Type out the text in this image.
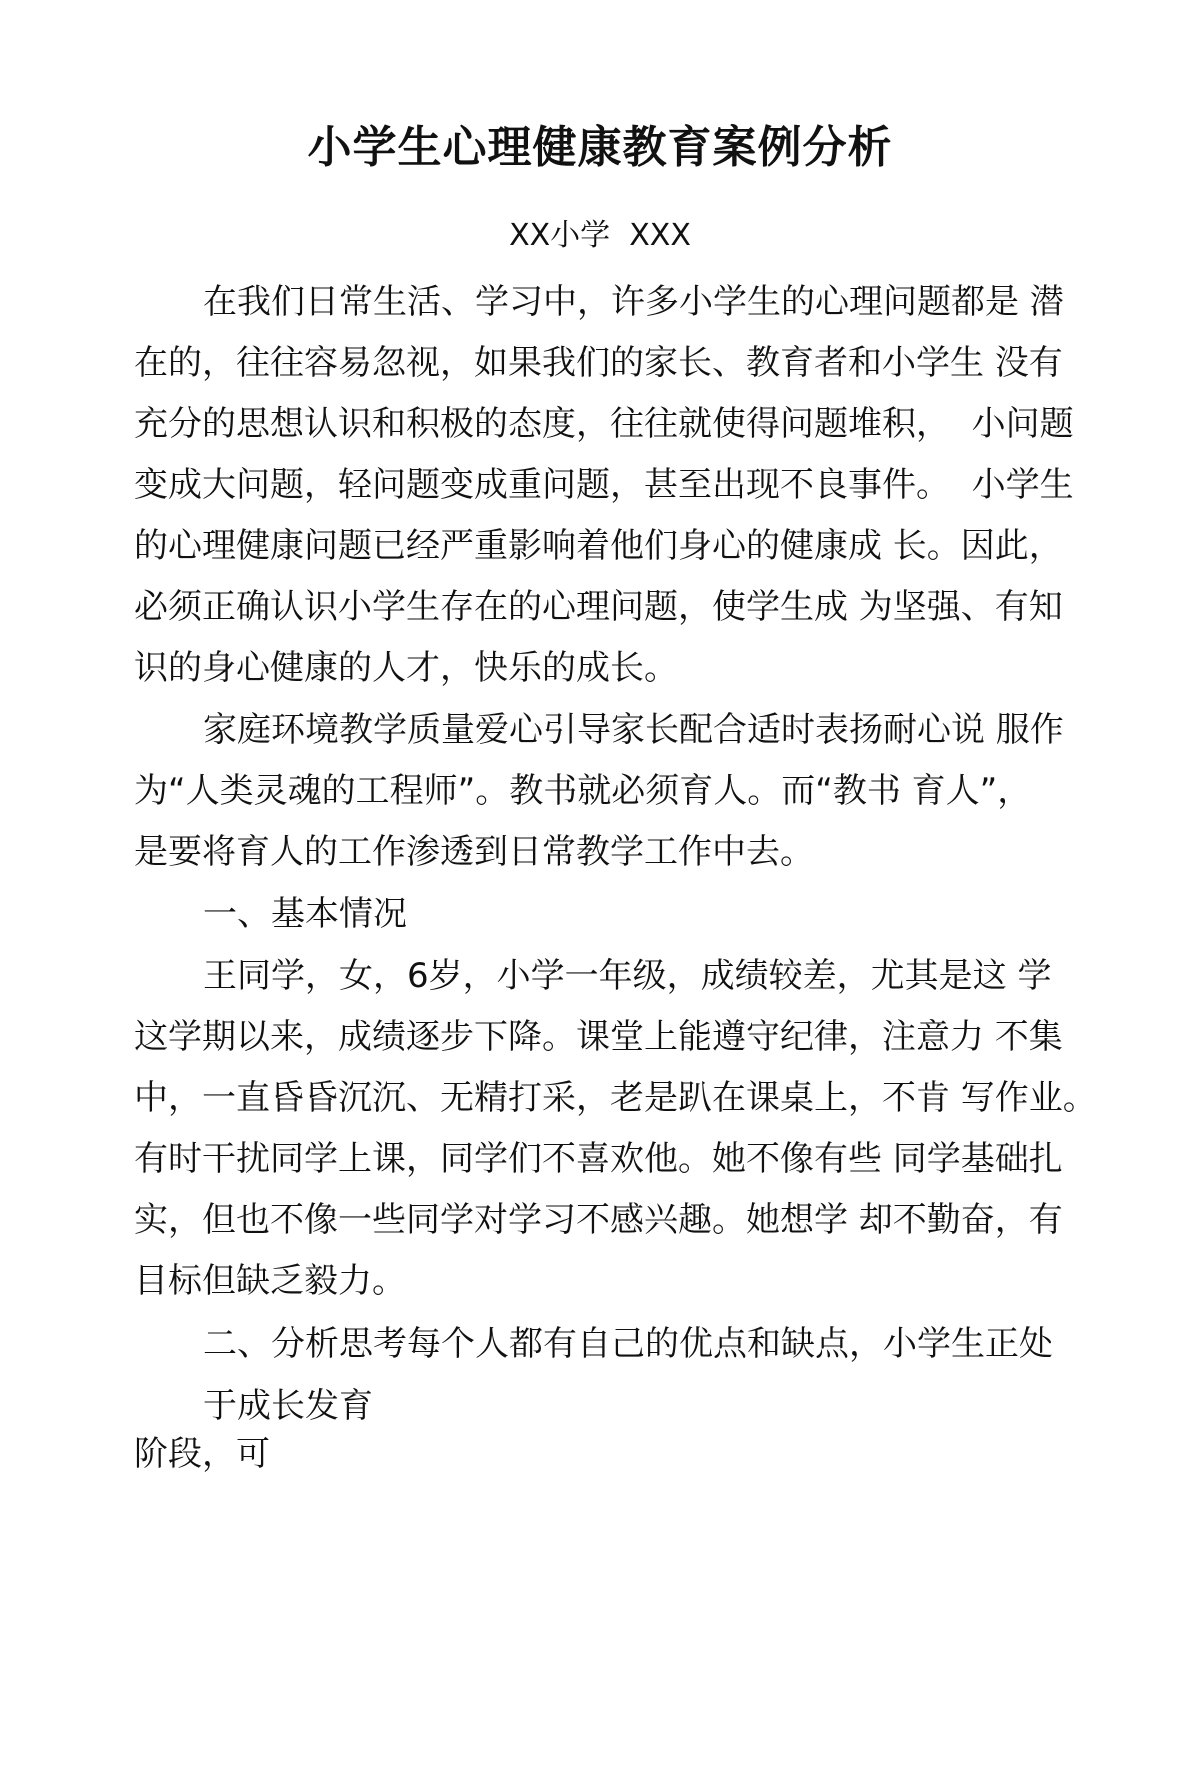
小学生心理健康教育案例分析
XX小学  XXX
在我们日常生活、学习中，许多小学生的心理问题都是 潜
在的，往往容易忽视，如果我们的家长、教育者和小学生 没有
充分的思想认识和积极的态度，往往就使得问题堆积，  小问题
变成大问题，轻问题变成重问题，甚至出现不良事件。  小学生
的心理健康问题已经严重影响着他们身心的健康成 长。因此，
必须正确认识小学生存在的心理问题，使学生成 为坚强、有知
识的身心健康的人才，快乐的成长。
家庭环境教学质量爱心引导家长配合适时表扬耐心说 服作
为“人类灵魂的工程师”。教书就必须育人。而“教书 育人”，
是要将育人的工作渗透到日常教学工作中去。
一、基本情况
王同学，女，6岁，小学一年级，成绩较差，尤其是这 学
这学期以来，成绩逐步下降。课堂上能遵守纪律，注意力 不集
中，一直昏昏沉沉、无精打采，老是趴在课桌上，不肯 写作业。
有时干扰同学上课，同学们不喜欢他。她不像有些 同学基础扎
实，但也不像一些同学对学习不感兴趣。她想学 却不勤奋，有
目标但缺乏毅力。
二、分析思考每个人都有自己的优点和缺点，小学生正处
于成长发育
阶段，可
